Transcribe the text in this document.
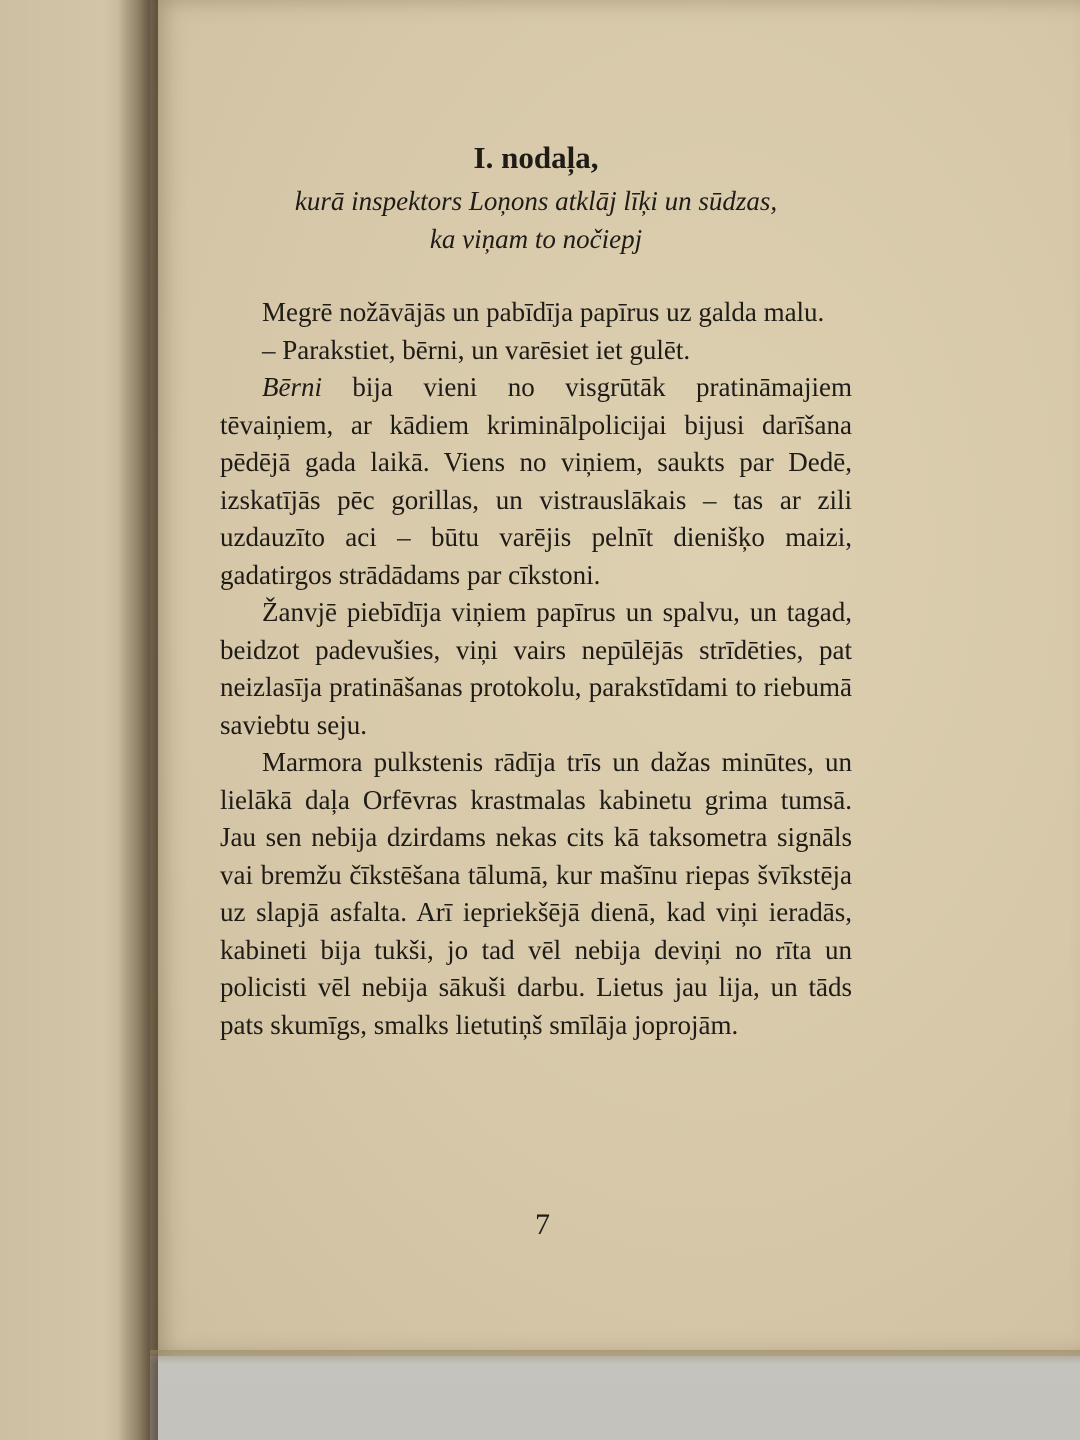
I. nodaļa,

kurā inspektors Loņons atklāj līķi un sūdzas,

ka viņam to nočiepj

Megrē nožāvājās un pabīdīja papīrus uz galda malu.

– Parakstiet, bērni, un varēsiet iet gulēt.

Bērni bija vieni no visgrūtāk pratināmajiem tēvaiņiem, ar kādiem kriminālpolicijai bijusi darīšana pēdējā gada laikā. Viens no viņiem, saukts par Dedē, izskatījās pēc gorillas, un vistrauslākais – tas ar zili uzdauzīto aci – būtu varējis pelnīt dienišķo maizi, gadatirgos strādādams par cīkstoni.

Žanvjē piebīdīja viņiem papīrus un spalvu, un tagad, beidzot padevušies, viņi vairs nepūlējās strīdēties, pat neizlasīja pratināšanas protokolu, parakstīdami to riebumā saviebtu seju.

Marmora pulkstenis rādīja trīs un dažas minūtes, un lielākā daļa Orfēvras krastmalas kabinetu grima tumsā. Jau sen nebija dzirdams nekas cits kā taksometra signāls vai bremžu čīkstēšana tālumā, kur mašīnu riepas švīkstēja uz slapjā asfalta. Arī iepriekšējā dienā, kad viņi ieradās, kabineti bija tukši, jo tad vēl nebija deviņi no rīta un policisti vēl nebija sākuši darbu. Lietus jau lija, un tāds pats skumīgs, smalks lietutiņš smīlāja joprojām.

7
